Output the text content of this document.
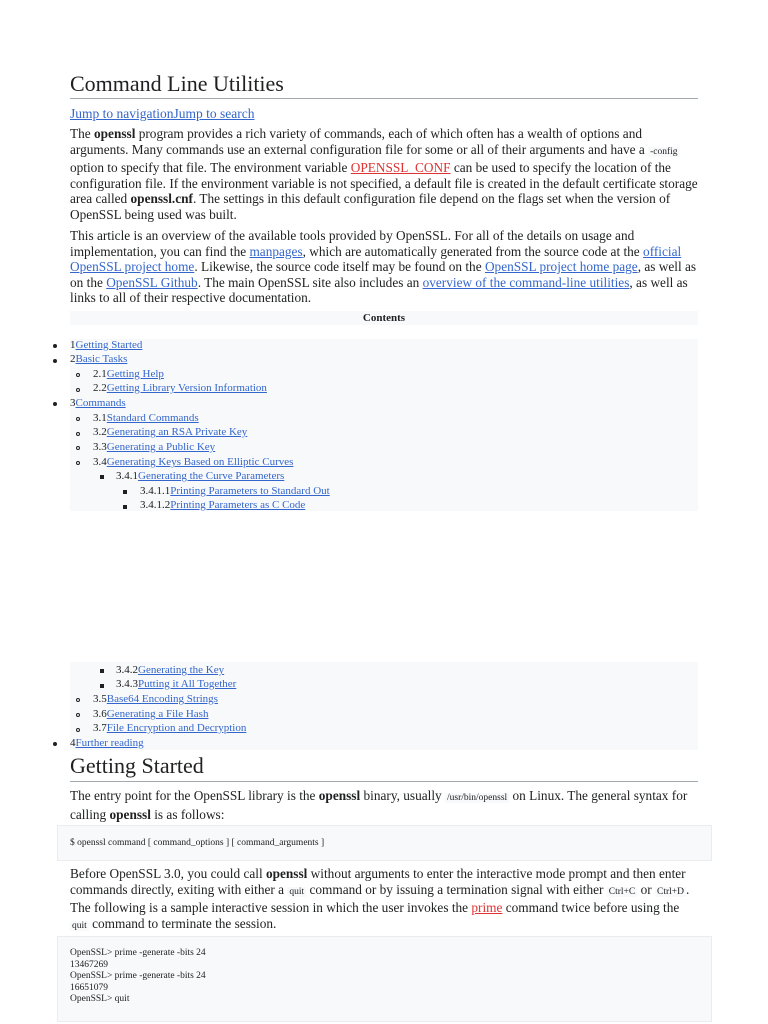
Command Line Utilities
Jump to navigationJump to search

The openssl program provides a rich variety of commands, each of which often has a wealth of options and arguments. Many commands use an external configuration file for some or all of their arguments and have a -config option to specify that file. The environment variable OPENSSL_CONF can be used to specify the location of the configuration file. If the environment variable is not specified, a default file is created in the default certificate storage area called openssl.cnf. The settings in this default configuration file depend on the flags set when the version of OpenSSL being used was built.

This article is an overview of the available tools provided by OpenSSL. For all of the details on usage and implementation, you can find the manpages, which are automatically generated from the source code at the official OpenSSL project home. Likewise, the source code itself may be found on the OpenSSL project home page, as well as on the OpenSSL Github. The main OpenSSL site also includes an overview of the command-line utilities, as well as links to all of their respective documentation.

Contents
1Getting Started
2Basic Tasks
2.1Getting Help
2.2Getting Library Version Information
3Commands
3.1Standard Commands
3.2Generating an RSA Private Key
3.3Generating a Public Key
3.4Generating Keys Based on Elliptic Curves
3.4.1Generating the Curve Parameters
3.4.1.1Printing Parameters to Standard Out
3.4.1.2Printing Parameters as C Code
3.4.2Generating the Key
3.4.3Putting it All Together
3.5Base64 Encoding Strings
3.6Generating a File Hash
3.7File Encryption and Decryption
4Further reading
Getting Started

The entry point for the OpenSSL library is the openssl binary, usually /usr/bin/openssl on Linux. The general syntax for calling openssl is as follows:

$ openssl command [ command_options ] [ command_arguments ]

Before OpenSSL 3.0, you could call openssl without arguments to enter the interactive mode prompt and then enter commands directly, exiting with either a quit command or by issuing a termination signal with either Ctrl+C or Ctrl+D . The following is a sample interactive session in which the user invokes the prime command twice before using the quit command to terminate the session.

OpenSSL> prime -generate -bits 24
13467269
OpenSSL> prime -generate -bits 24
16651079
OpenSSL> quit
